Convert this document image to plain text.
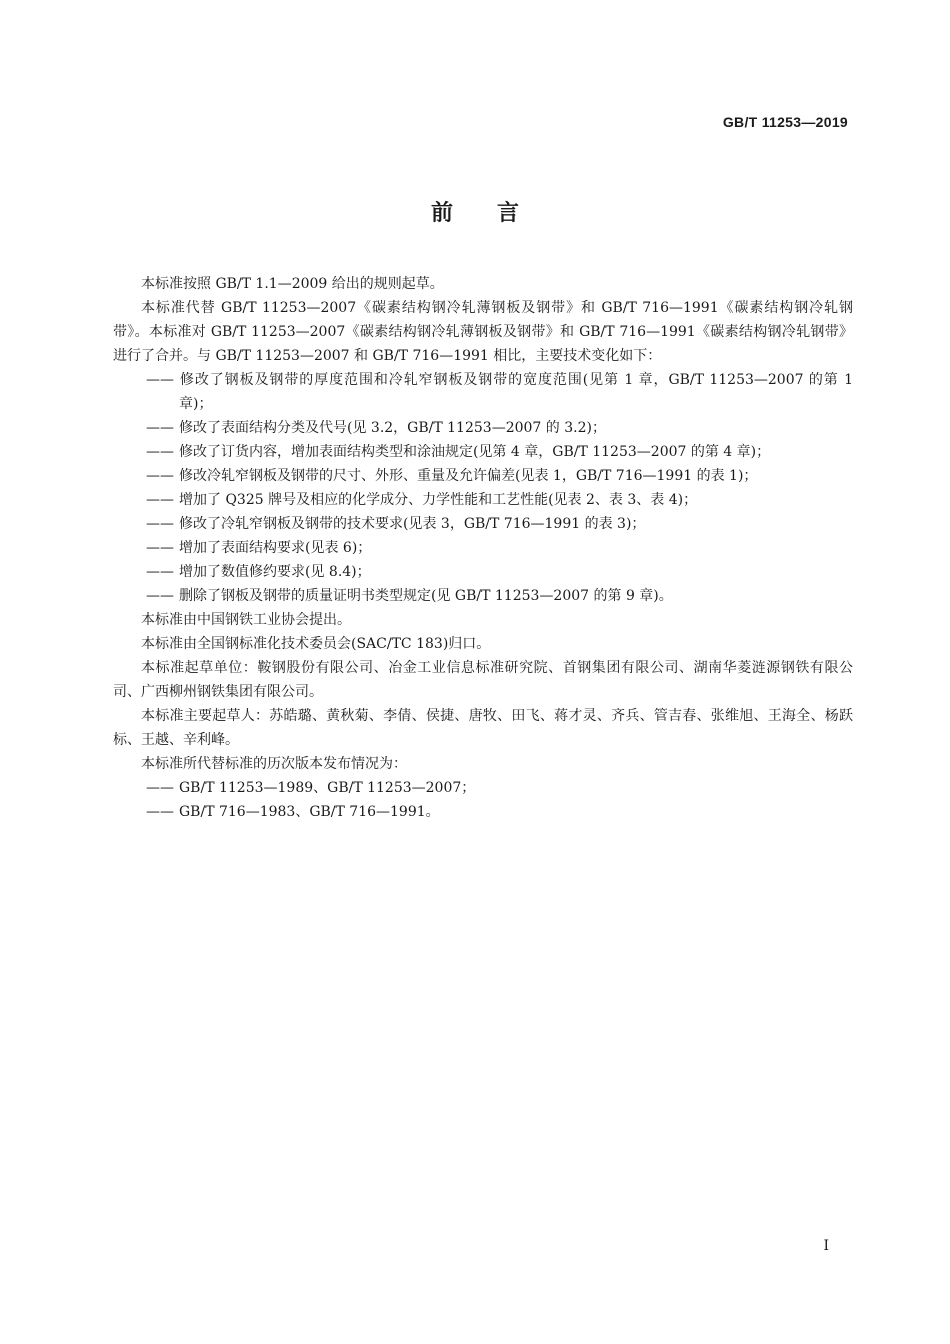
GB/T 11253—2019
前言

本标准按照 GB/T 1.1—2009 给出的规则起草。

本标准代替 GB/T 11253—2007《碳素结构钢冷轧薄钢板及钢带》和 GB/T 716—1991《碳素结构钢冷轧钢带》。本标准对 GB/T 11253—2007《碳素结构钢冷轧薄钢板及钢带》和 GB/T 716—1991《碳素结构钢冷轧钢带》进行了合并。与 GB/T 11253—2007 和 GB/T 716—1991 相比，主要技术变化如下：

—— 修改了钢板及钢带的厚度范围和冷轧窄钢板及钢带的宽度范围(见第 1 章，GB/T 11253—2007 的第 1 章)；

—— 修改了表面结构分类及代号(见 3.2，GB/T 11253—2007 的 3.2)；

—— 修改了订货内容，增加表面结构类型和涂油规定(见第 4 章，GB/T 11253—2007 的第 4 章)；

—— 修改冷轧窄钢板及钢带的尺寸、外形、重量及允许偏差(见表 1，GB/T 716—1991 的表 1)；

—— 增加了 Q325 牌号及相应的化学成分、力学性能和工艺性能(见表 2、表 3、表 4)；

—— 修改了冷轧窄钢板及钢带的技术要求(见表 3，GB/T 716—1991 的表 3)；

—— 增加了表面结构要求(见表 6)；

—— 增加了数值修约要求(见 8.4)；

—— 删除了钢板及钢带的质量证明书类型规定(见 GB/T 11253—2007 的第 9 章)。

本标准由中国钢铁工业协会提出。

本标准由全国钢标准化技术委员会(SAC/TC 183)归口。

本标准起草单位：鞍钢股份有限公司、冶金工业信息标准研究院、首钢集团有限公司、湖南华菱涟源钢铁有限公司、广西柳州钢铁集团有限公司。

本标准主要起草人：苏皓璐、黄秋菊、李倩、侯捷、唐牧、田飞、蒋才灵、齐兵、管吉春、张维旭、王海全、杨跃标、王越、辛利峰。

本标准所代替标准的历次版本发布情况为：

—— GB/T 11253—1989、GB/T 11253—2007；

—— GB/T 716—1983、GB/T 716—1991。

I
